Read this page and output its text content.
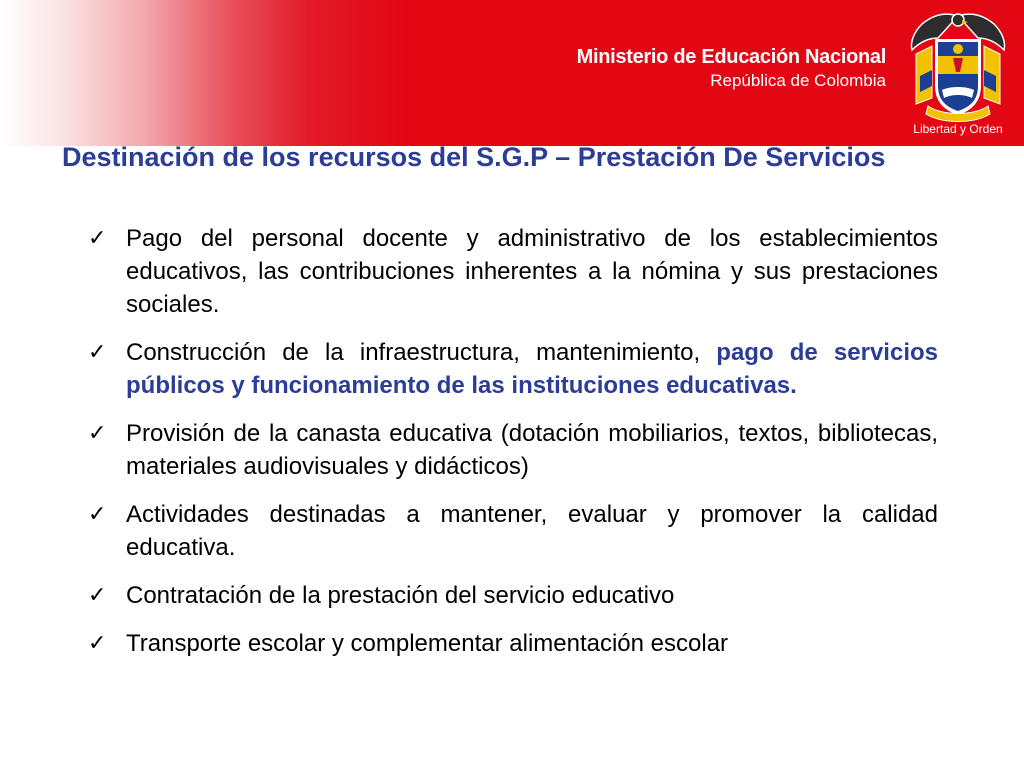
Ministerio de Educación Nacional
República de Colombia
Libertad y Orden
Destinación de los recursos del S.G.P – Prestación De Servicios
✓ Pago del personal docente y administrativo de los establecimientos educativos, las contribuciones inherentes a la nómina y sus prestaciones sociales.
✓ Construcción de la infraestructura, mantenimiento, pago de servicios públicos y funcionamiento de las instituciones educativas.
✓ Provisión de la canasta educativa (dotación mobiliarios, textos, bibliotecas, materiales audiovisuales y didácticos)
✓ Actividades destinadas a mantener, evaluar y promover la calidad educativa.
✓ Contratación de la prestación del servicio educativo
✓ Transporte escolar y complementar alimentación escolar
